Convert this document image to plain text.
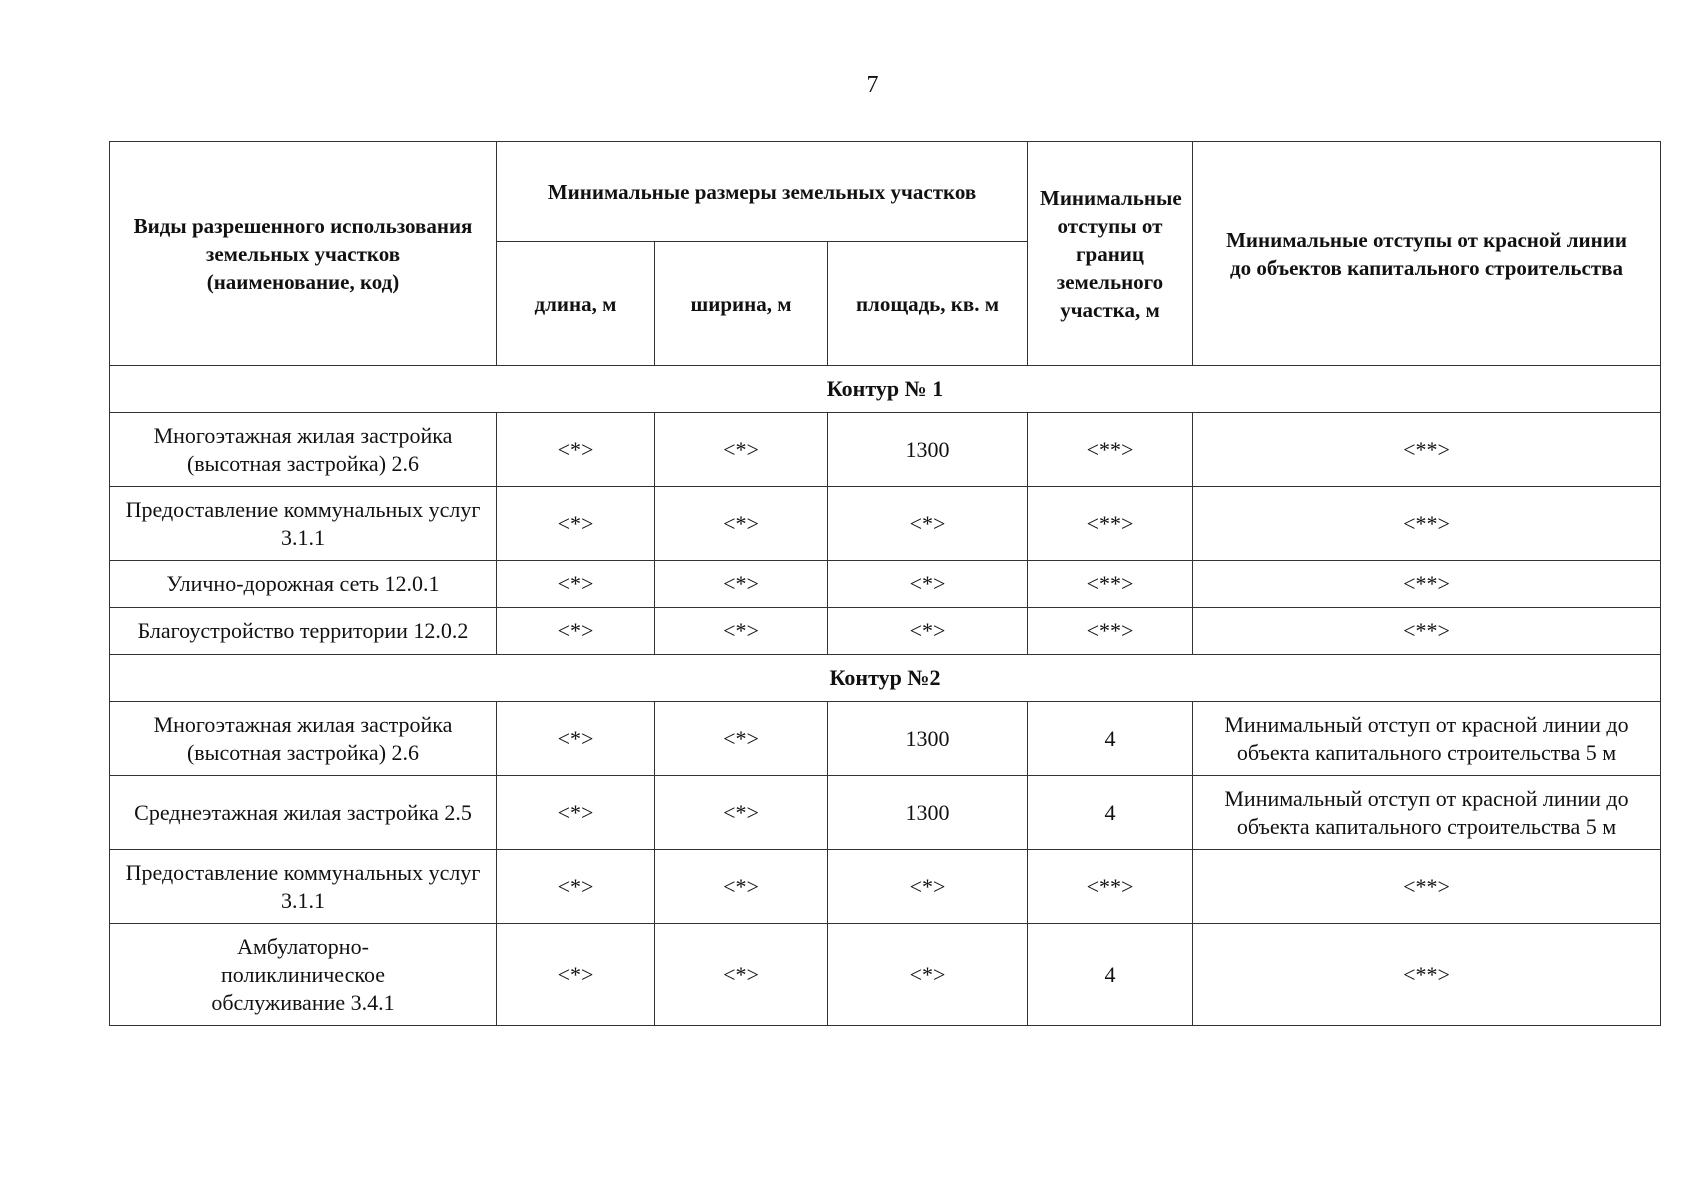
7
Виды разрешенного использования земельных участков (наименование, код)	Минимальные размеры земельных участков			Минимальные отступы от границ земельного участка, м	Минимальные отступы от красной линии до объектов капитального строительства
	длина, м	ширина, м	площадь, кв. м		
Контур № 1					
Многоэтажная жилая застройка (высотная застройка) 2.6	<*>	<*>	1300	<**>	<**>
Предоставление коммунальных услуг 3.1.1	<*>	<*>	<*>	<**>	<**>
Улично-дорожная сеть 12.0.1	<*>	<*>	<*>	<**>	<**>
Благоустройство территории 12.0.2	<*>	<*>	<*>	<**>	<**>
Контур №2					
Многоэтажная жилая застройка (высотная застройка) 2.6	<*>	<*>	1300	4	Минимальный отступ от красной линии до объекта капитального строительства 5 м
Среднеэтажная жилая застройка 2.5	<*>	<*>	1300	4	Минимальный отступ от красной линии до объекта капитального строительства 5 м
Предоставление коммунальных услуг 3.1.1	<*>	<*>	<*>	<**>	<**>
Амбулаторно-поликлиническое обслуживание 3.4.1	<*>	<*>	<*>	4	<**>
